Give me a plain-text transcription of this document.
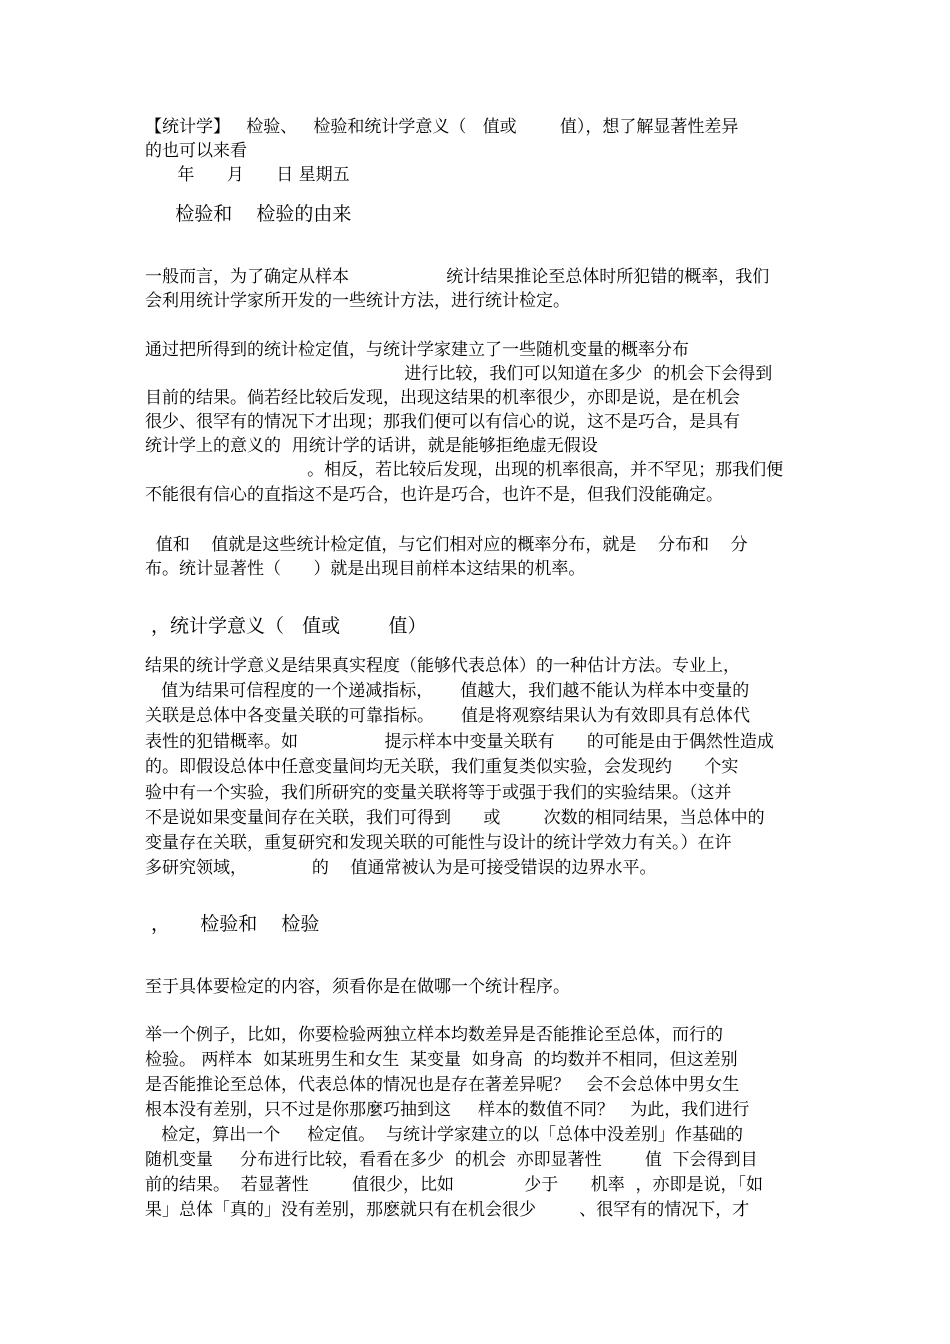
【统计学】   检验、   检验和统计学意义（   值或        值），想了解显著性差异

的也可以来看

年      月      日 星期五

检验和    检验的由来

一般而言，为了确定从样本                  统计结果推论至总体时所犯错的概率，我们

会利用统计学家所开发的一些统计方法，进行统计检定。

通过把所得到的统计检定值，与统计学家建立了一些随机变量的概率分布

进行比较，我们可以知道在多少  的机会下会得到

目前的结果。倘若经比较后发现，出现这结果的机率很少，亦即是说，是在机会

很少、很罕有的情况下才出现；那我们便可以有信心的说，这不是巧合，是具有

统计学上的意义的  用统计学的话讲，就是能够拒绝虚无假设

。相反，若比较后发现，出现的机率很高，并不罕见；那我们便

不能很有信心的直指这不是巧合，也许是巧合，也许不是，但我们没能确定。

值和    值就是这些统计检定值，与它们相对应的概率分布，就是    分布和    分

布。统计显著性（      ）就是出现目前样本这结果的机率。

，统计学意义（   值或        值）

结果的统计学意义是结果真实程度（能够代表总体）的一种估计方法。专业上，

值为结果可信程度的一个递减指标，     值越大，我们越不能认为样本中变量的

关联是总体中各变量关联的可靠指标。     值是将观察结果认为有效即具有总体代

表性的犯错概率。如                提示样本中变量关联有      的可能是由于偶然性造成

的。即假设总体中任意变量间均无关联，我们重复类似实验，会发现约      个实

验中有一个实验，我们所研究的变量关联将等于或强于我们的实验结果。（这并

不是说如果变量间存在关联，我们可得到      或        次数的相同结果，当总体中的

变量存在关联，重复研究和发现关联的可能性与设计的统计学效力有关。）在许

多研究领域，            的    值通常被认为是可接受错误的边界水平。

，     检验和    检验

至于具体要检定的内容，须看你是在做哪一个统计程序。

举一个例子，比如，你要检验两独立样本均数差异是否能推论至总体，而行的

检验。 两样本  如某班男生和女生  某变量  如身高  的均数并不相同，但这差别

是否能推论至总体，代表总体的情况也是存在著差异呢？   会不会总体中男女生

根本没有差别，只不过是你那麼巧抽到这     样本的数值不同？   为此，我们进行

检定，算出一个     检定值。  与统计学家建立的以「总体中没差别」作基础的

随机变量     分布进行比较，看看在多少  的机会  亦即显著性        值  下会得到目

前的结果。  若显著性        值很少，比如             少于      机率  ，亦即是说，「如

果」总体「真的」没有差别，那麽就只有在机会很少        、很罕有的情况下，才
